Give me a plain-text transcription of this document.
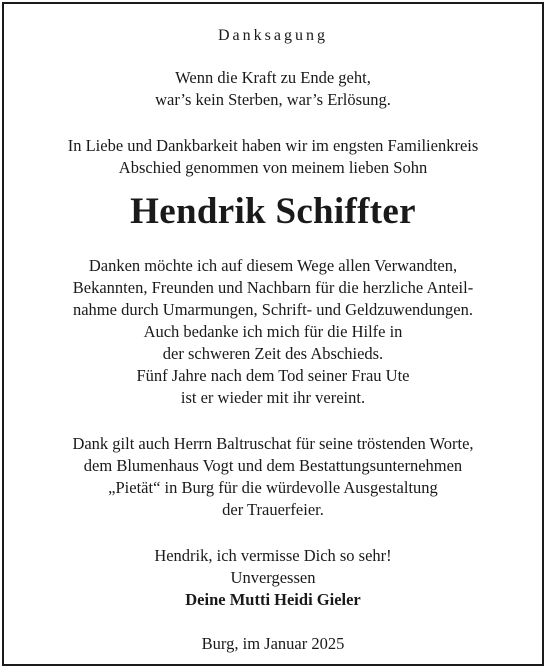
Danksagung
Wenn die Kraft zu Ende geht,
war’s kein Sterben, war’s Erlösung.
In Liebe und Dankbarkeit haben wir im engsten Familienkreis
Abschied genommen von meinem lieben Sohn
Hendrik Schiffter
Danken möchte ich auf diesem Wege allen Verwandten,
Bekannten, Freunden und Nachbarn für die herzliche Anteil-
nahme durch Umarmungen, Schrift- und Geldzuwendungen.
Auch bedanke ich mich für die Hilfe in
der schweren Zeit des Abschieds.
Fünf Jahre nach dem Tod seiner Frau Ute
ist er wieder mit ihr vereint.
Dank gilt auch Herrn Baltruschat für seine tröstenden Worte,
dem Blumenhaus Vogt und dem Bestattungsunternehmen
„Pietät“ in Burg für die würdevolle Ausgestaltung
der Trauerfeier.
Hendrik, ich vermisse Dich so sehr!
Unvergessen
Deine Mutti Heidi Gieler
Burg, im Januar 2025
